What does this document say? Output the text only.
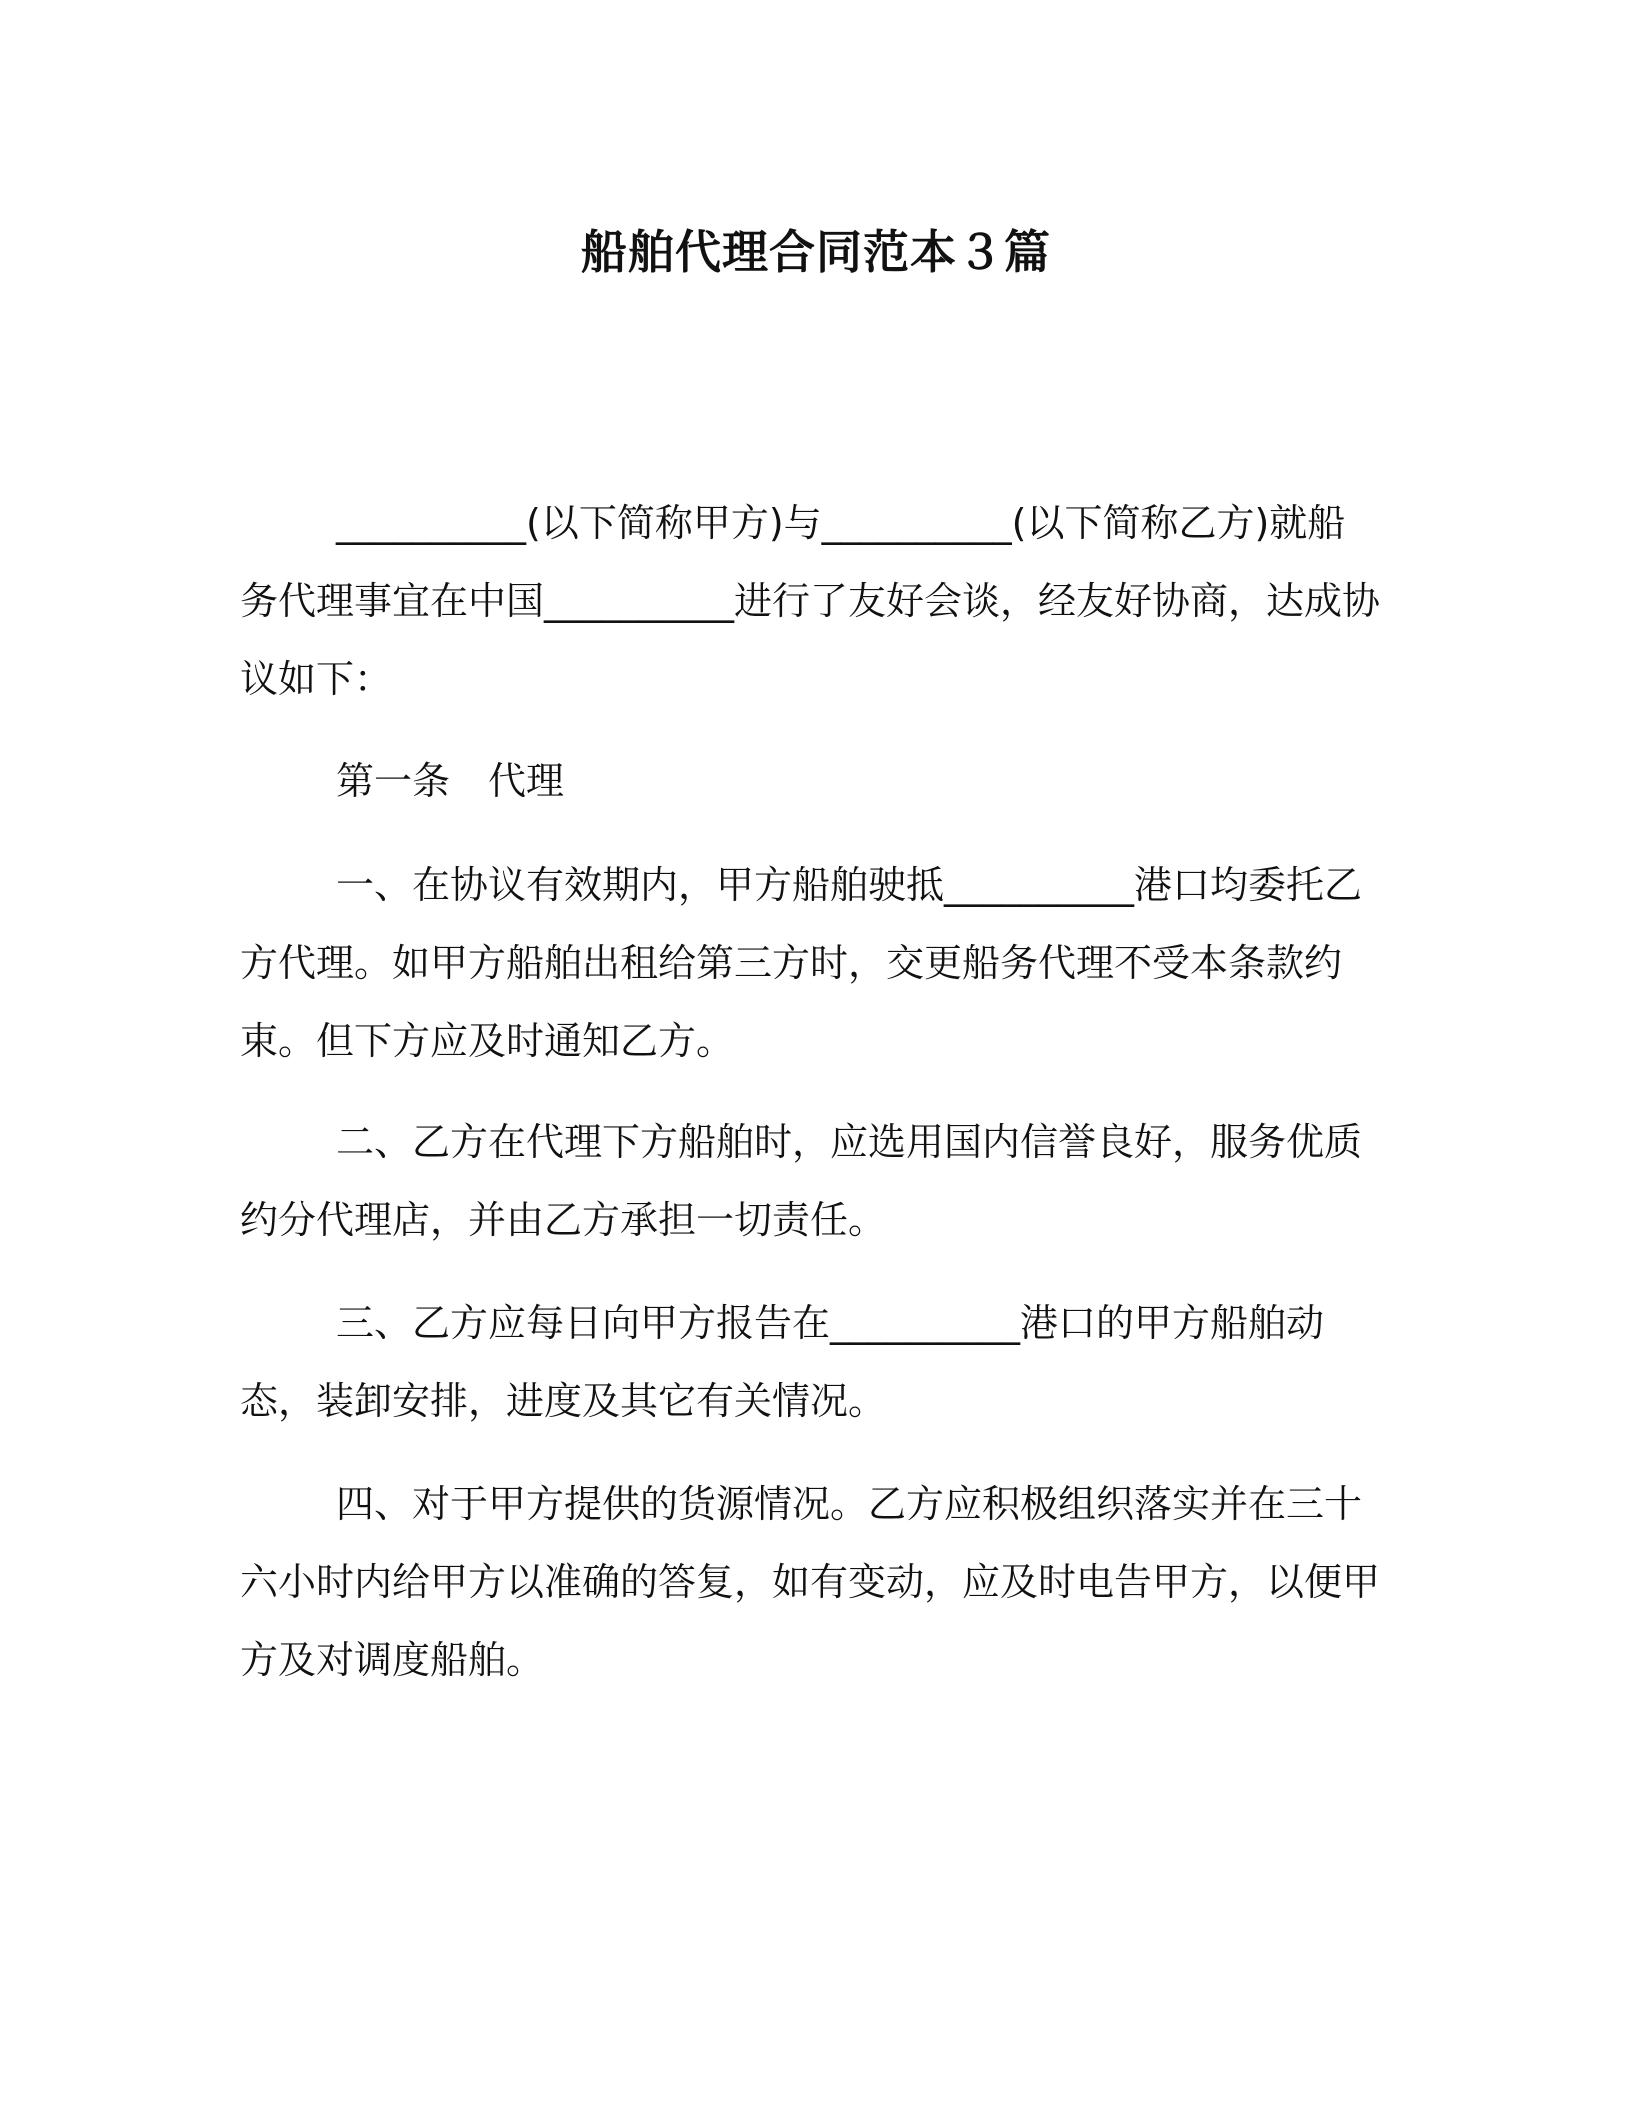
船舶代理合同范本３篇

__________(以下简称甲方)与__________(以下简称乙方)就船务代理事宜在中国__________进行了友好会谈，经友好协商，达成协议如下：

第一条　代理

一、在协议有效期内，甲方船舶驶抵__________港口均委托乙方代理。如甲方船舶出租给第三方时，交更船务代理不受本条款约束。但下方应及时通知乙方。

二、乙方在代理下方船舶时，应选用国内信誉良好，服务优质约分代理店，并由乙方承担一切责任。

三、乙方应每日向甲方报告在__________港口的甲方船舶动态，装卸安排，进度及其它有关情况。

四、对于甲方提供的货源情况。乙方应积极组织落实并在三十六小时内给甲方以准确的答复，如有变动，应及时电告甲方，以便甲方及对调度船舶。
